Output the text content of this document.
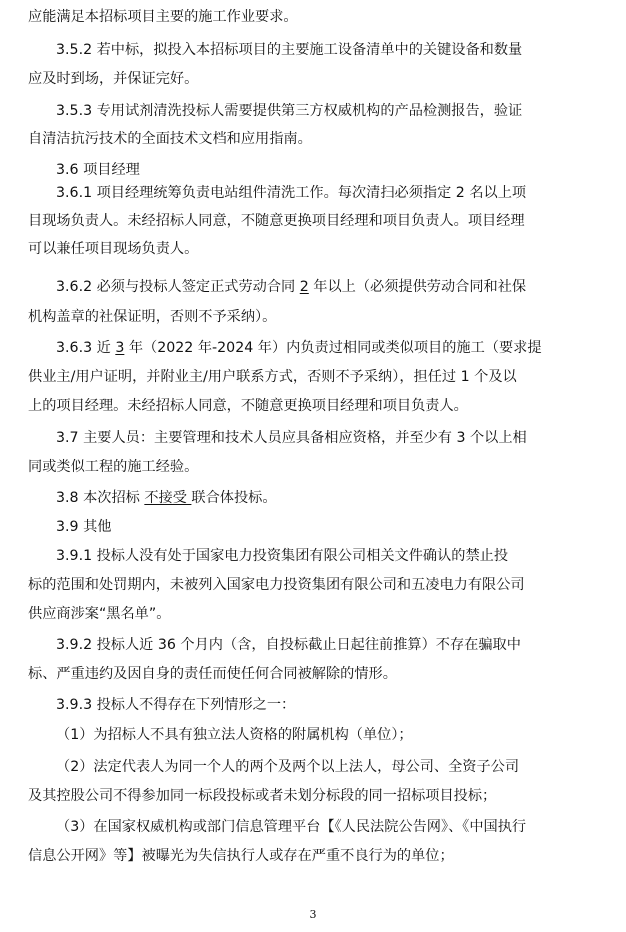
应能满足本招标项目主要的施工作业要求。
3.5.2 若中标，拟投入本招标项目的主要施工设备清单中的关键设备和数量
应及时到场，并保证完好。
3.5.3 专用试剂清洗投标人需要提供第三方权威机构的产品检测报告，验证
自清洁抗污技术的全面技术文档和应用指南。
3.6 项目经理
3.6.1 项目经理统筹负责电站组件清洗工作。每次清扫必须指定 2 名以上项
目现场负责人。未经招标人同意，不随意更换项目经理和项目负责人。项目经理
可以兼任项目现场负责人。
3.6.2 必须与投标人签定正式劳动合同 2 年以上（必须提供劳动合同和社保
机构盖章的社保证明，否则不予采纳）。
3.6.3 近 3 年（2022 年-2024 年）内负责过相同或类似项目的施工（要求提
供业主/用户证明，并附业主/用户联系方式，否则不予采纳），担任过 1 个及以
上的项目经理。未经招标人同意，不随意更换项目经理和项目负责人。
3.7 主要人员：主要管理和技术人员应具备相应资格，并至少有 3 个以上相
同或类似工程的施工经验。
3.8 本次招标 不接受 联合体投标。
3.9 其他
3.9.1 投标人没有处于国家电力投资集团有限公司相关文件确认的禁止投
标的范围和处罚期内，未被列入国家电力投资集团有限公司和五凌电力有限公司
供应商涉案“黑名单”。
3.9.2 投标人近 36 个月内（含，自投标截止日起往前推算）不存在骗取中
标、严重违约及因自身的责任而使任何合同被解除的情形。
3.9.3 投标人不得存在下列情形之一：
（1）为招标人不具有独立法人资格的附属机构（单位）；
（2）法定代表人为同一个人的两个及两个以上法人，母公司、全资子公司
及其控股公司不得参加同一标段投标或者未划分标段的同一招标项目投标；
（3）在国家权威机构或部门信息管理平台【《人民法院公告网》、《中国执行
信息公开网》等】被曝光为失信执行人或存在严重不良行为的单位；
3
